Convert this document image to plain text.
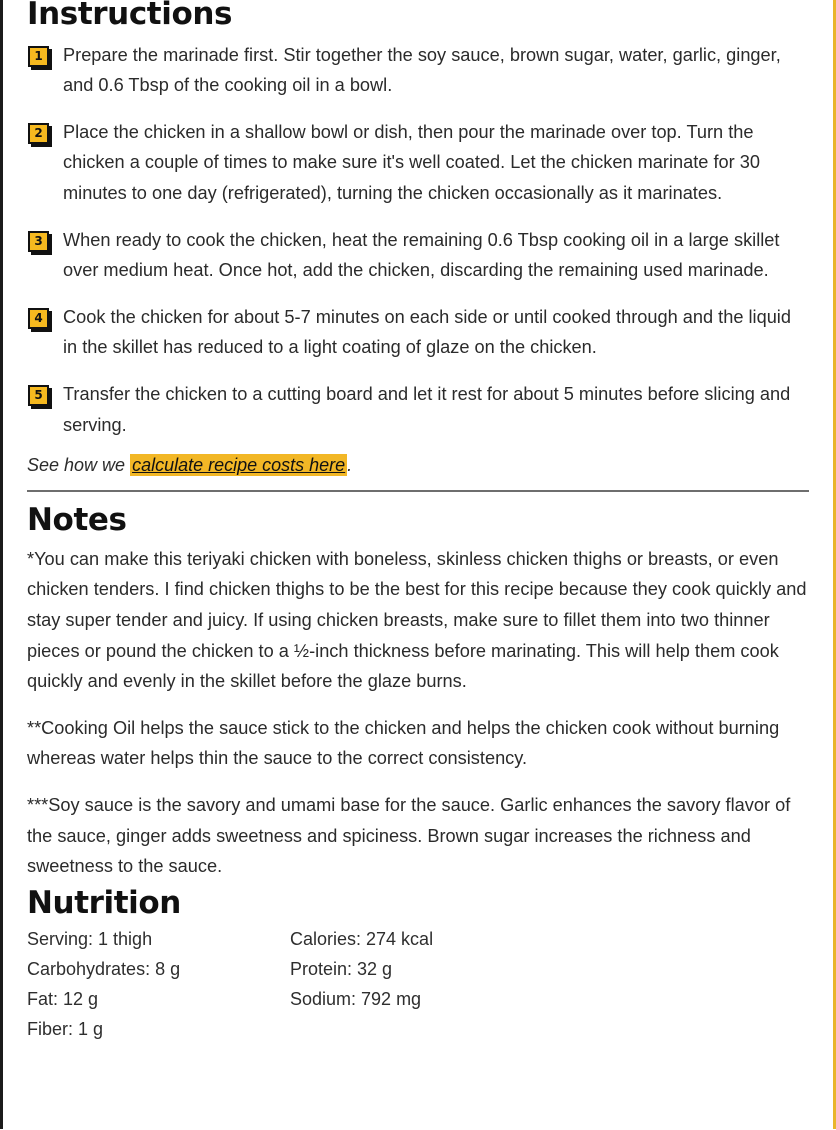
Instructions
1	Prepare the marinade first. Stir together the soy sauce, brown sugar, water, garlic, ginger, and 0.6 Tbsp of the cooking oil in a bowl.
2	Place the chicken in a shallow bowl or dish, then pour the marinade over top. Turn the chicken a couple of times to make sure it's well coated. Let the chicken marinate for 30 minutes to one day (refrigerated), turning the chicken occasionally as it marinates.
3	When ready to cook the chicken, heat the remaining 0.6 Tbsp cooking oil in a large skillet over medium heat. Once hot, add the chicken, discarding the remaining used marinade.
4	Cook the chicken for about 5-7 minutes on each side or until cooked through and the liquid in the skillet has reduced to a light coating of glaze on the chicken.
5	Transfer the chicken to a cutting board and let it rest for about 5 minutes before slicing and serving.

See how we calculate recipe costs here .

Notes

*You can make this teriyaki chicken with boneless, skinless chicken thighs or breasts, or even chicken tenders. I find chicken thighs to be the best for this recipe because they cook quickly and stay super tender and juicy. If using chicken breasts, make sure to fillet them into two thinner pieces or pound the chicken to a ½-inch thickness before marinating. This will help them cook quickly and evenly in the skillet before the glaze burns.

**Cooking Oil helps the sauce stick to the chicken and helps the chicken cook without burning whereas water helps thin the sauce to the correct consistency.

***Soy sauce is the savory and umami base for the sauce. Garlic enhances the savory flavor of the sauce, ginger adds sweetness and spiciness. Brown sugar increases the richness and sweetness to the sauce.

Nutrition
Serving: 1 thigh	Calories: 274 kcal
Carbohydrates: 8 g	Protein: 32 g
Fat: 12 g	Sodium: 792 mg
Fiber: 1 g
